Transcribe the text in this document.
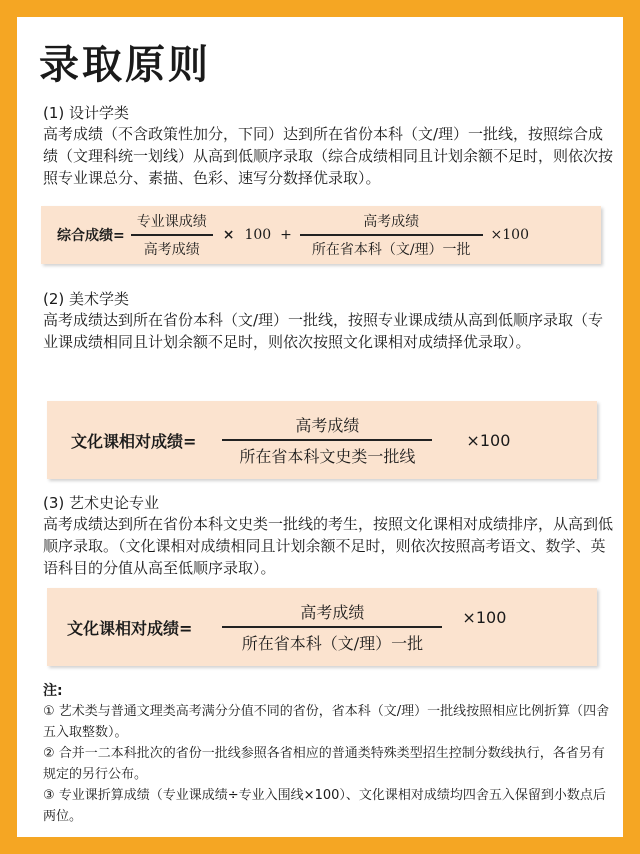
录取原则

(1) 设计学类

高考成绩（不含政策性加分，下同）达到所在省份本科（文/理）一批线，按照综合成绩（文理科统一划线）从高到低顺序录取（综合成绩相同且计划余额不足时，则依次按照专业课总分、素描、色彩、速写分数择优录取）。

综合成绩= $\frac{\text{专业课成绩}}{\text{高考成绩}} \times 100 + \frac{\text{高考成绩}}{\text{所在省本科（文/理）一批}} \times 100$

(2) 美术学类

高考成绩达到所在省份本科（文/理）一批线，按照专业课成绩从高到低顺序录取（专业课成绩相同且计划余额不足时，则依次按照文化课相对成绩择优录取）。

文化课相对成绩= $\frac{\text{高考成绩}}{\text{所在省本科文史类一批线}} \times 100$

(3) 艺术史论专业

高考成绩达到所在省份本科文史类一批线的考生，按照文化课相对成绩排序，从高到低顺序录取。（文化课相对成绩相同且计划余额不足时，则依次按照高考语文、数学、英语科目的分值从高至低顺序录取）。

文化课相对成绩= $\frac{\text{高考成绩}}{\text{所在省本科（文/理）一批}} \times 100$

注:

① 艺术类与普通文理类高考满分分值不同的省份，省本科（文/理）一批线按照相应比例折算（四舍五入取整数）。

② 合并一二本科批次的省份一批线参照各省相应的普通类特殊类型招生控制分数线执行，各省另有规定的另行公布。

③ 专业课折算成绩（专业课成绩÷专业入围线×100）、文化课相对成绩均四舍五入保留到小数点后两位。
